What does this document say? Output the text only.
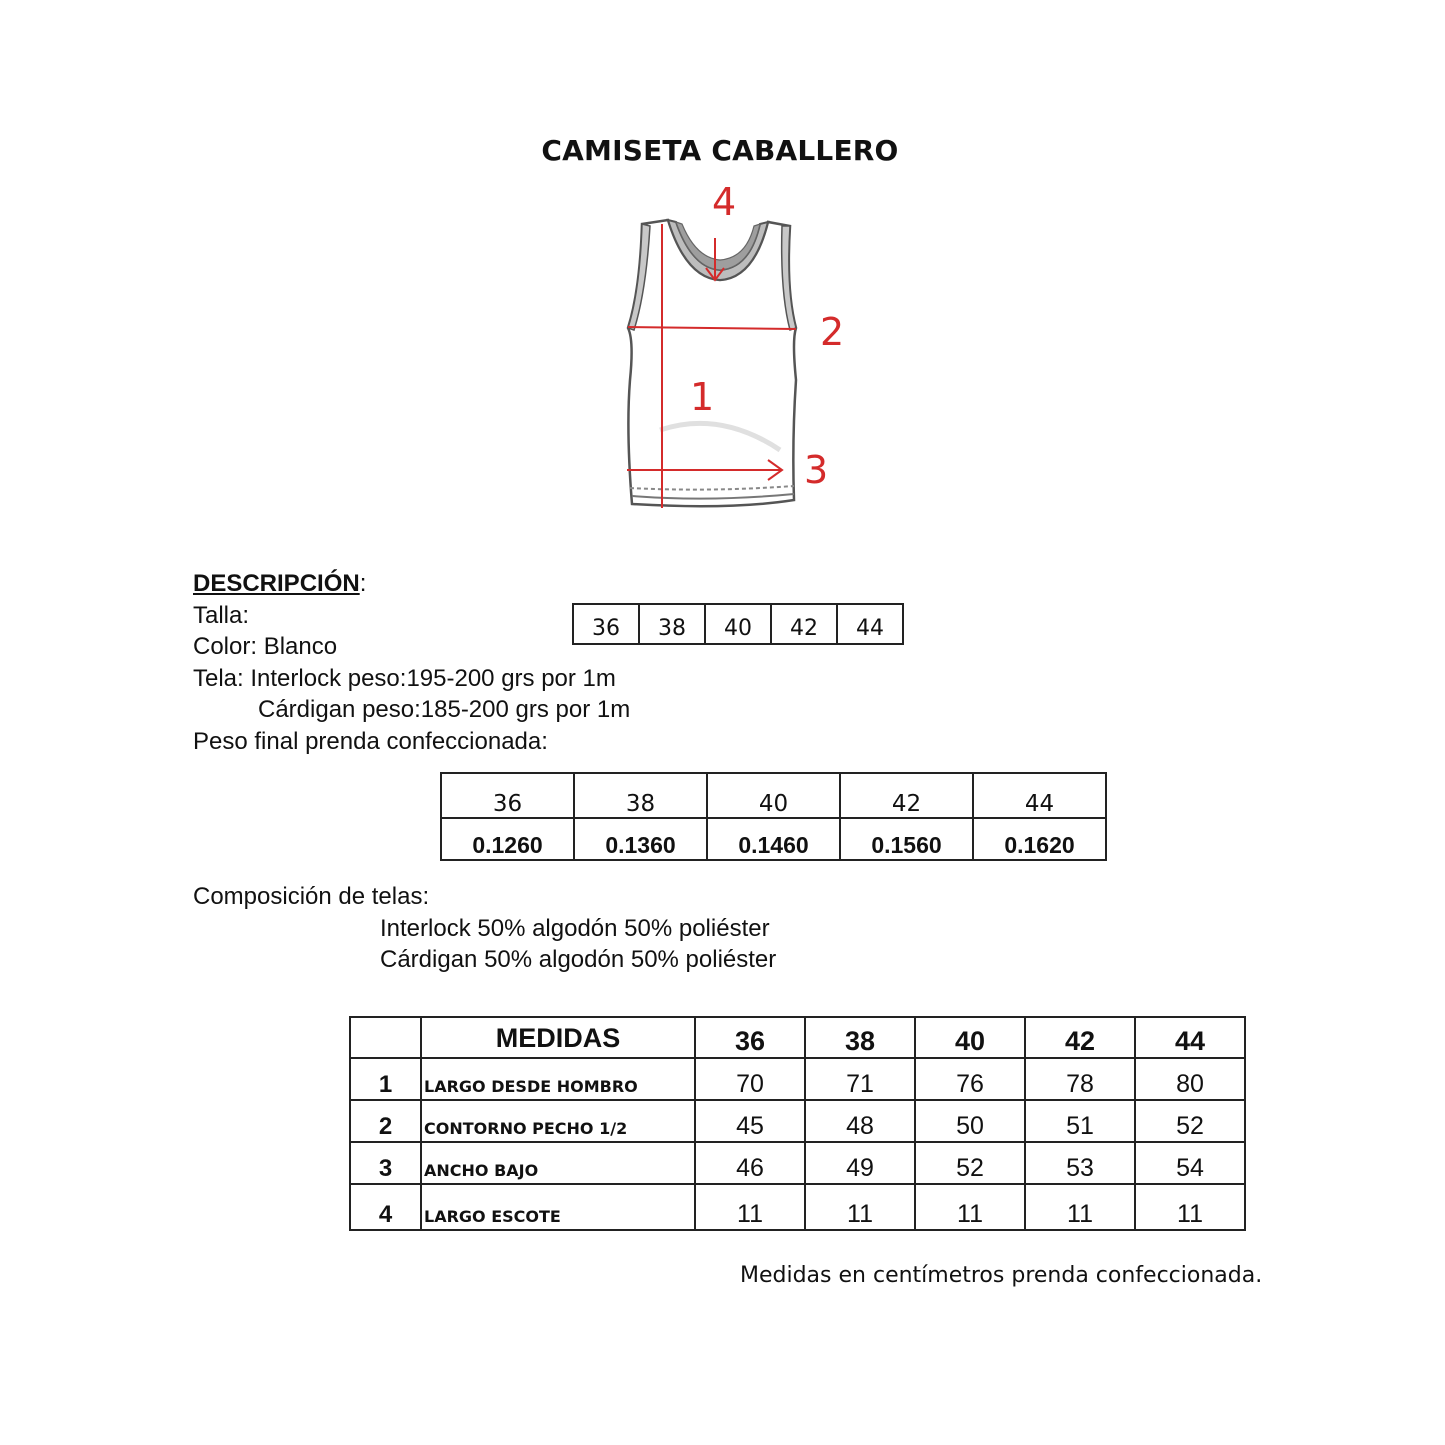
CAMISETA CABALLERO
4
2
1
3
DESCRIPCIÓN:
Talla:
Color: Blanco
Tela: Interlock peso:195-200 grs por 1m
Cárdigan peso:185-200 grs por 1m
Peso final prenda confeccionada:
36	38	40	42	44
36	38	40	42	44
0.1260	0.1360	0.1460	0.1560	0.1620
Composición de telas:
Interlock 50% algodón 50% poliéster
Cárdigan 50% algodón 50% poliéster
	MEDIDAS	36	38	40	42	44
1	LARGO DESDE HOMBRO	70	71	76	78	80
2	CONTORNO PECHO 1/2	45	48	50	51	52
3	ANCHO BAJO	46	49	52	53	54
4	LARGO ESCOTE	11	11	11	11	11
Medidas en centímetros prenda confeccionada.
